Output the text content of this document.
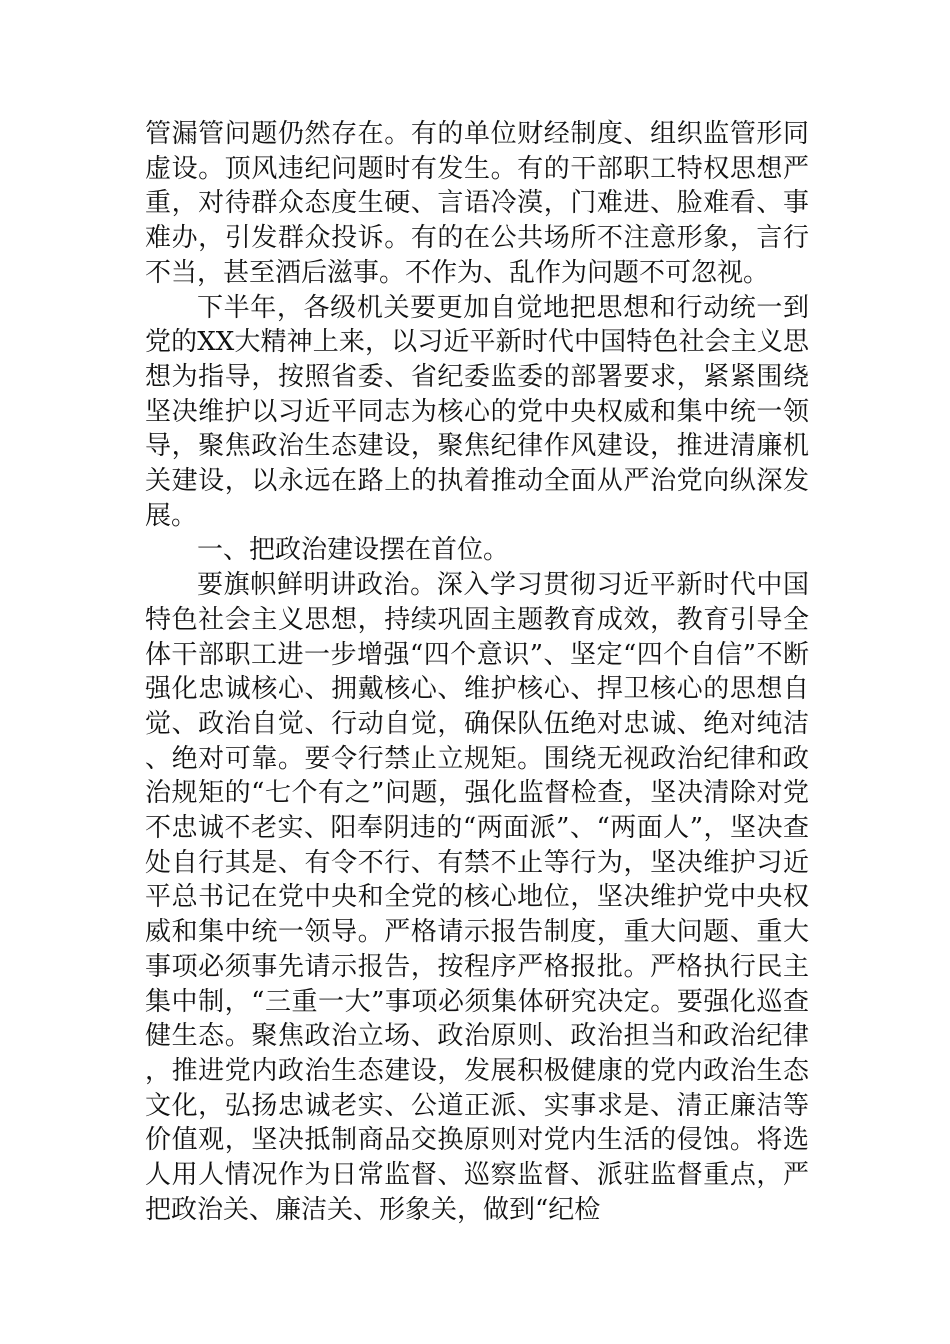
管漏管问题仍然存在。有的单位财经制度、组织监管形同虚设。顶风违纪问题时有发生。有的干部职工特权思想严重，对待群众态度生硬、言语冷漠，门难进、脸难看、事难办，引发群众投诉。有的在公共场所不注意形象，言行不当，甚至酒后滋事。不作为、乱作为问题不可忽视。

下半年，各级机关要更加自觉地把思想和行动统一到党的XX大精神上来，以习近平新时代中国特色社会主义思想为指导，按照省委、省纪委监委的部署要求，紧紧围绕坚决维护以习近平同志为核心的党中央权威和集中统一领导，聚焦政治生态建设，聚焦纪律作风建设，推进清廉机关建设，以永远在路上的执着推动全面从严治党向纵深发展。

一、把政治建设摆在首位。

要旗帜鲜明讲政治。深入学习贯彻习近平新时代中国特色社会主义思想，持续巩固主题教育成效，教育引导全体干部职工进一步增强“四个意识”、坚定“四个自信”不断强化忠诚核心、拥戴核心、维护核心、捍卫核心的思想自觉、政治自觉、行动自觉，确保队伍绝对忠诚、绝对纯洁、绝对可靠。要令行禁止立规矩。围绕无视政治纪律和政治规矩的“七个有之”问题，强化监督检查，坚决清除对党不忠诚不老实、阳奉阴违的“两面派”、“两面人”，坚决查处自行其是、有令不行、有禁不止等行为，坚决维护习近平总书记在党中央和全党的核心地位，坚决维护党中央权威和集中统一领导。严格请示报告制度，重大问题、重大事项必须事先请示报告，按程序严格报批。严格执行民主集中制，“三重一大”事项必须集体研究决定。要强化巡查健生态。聚焦政治立场、政治原则、政治担当和政治纪律，推进党内政治生态建设，发展积极健康的党内政治生态文化，弘扬忠诚老实、公道正派、实事求是、清正廉洁等价值观，坚决抵制商品交换原则对党内生活的侵蚀。将选人用人情况作为日常监督、巡察监督、派驻监督重点，严把政治关、廉洁关、形象关，做到“纪检
